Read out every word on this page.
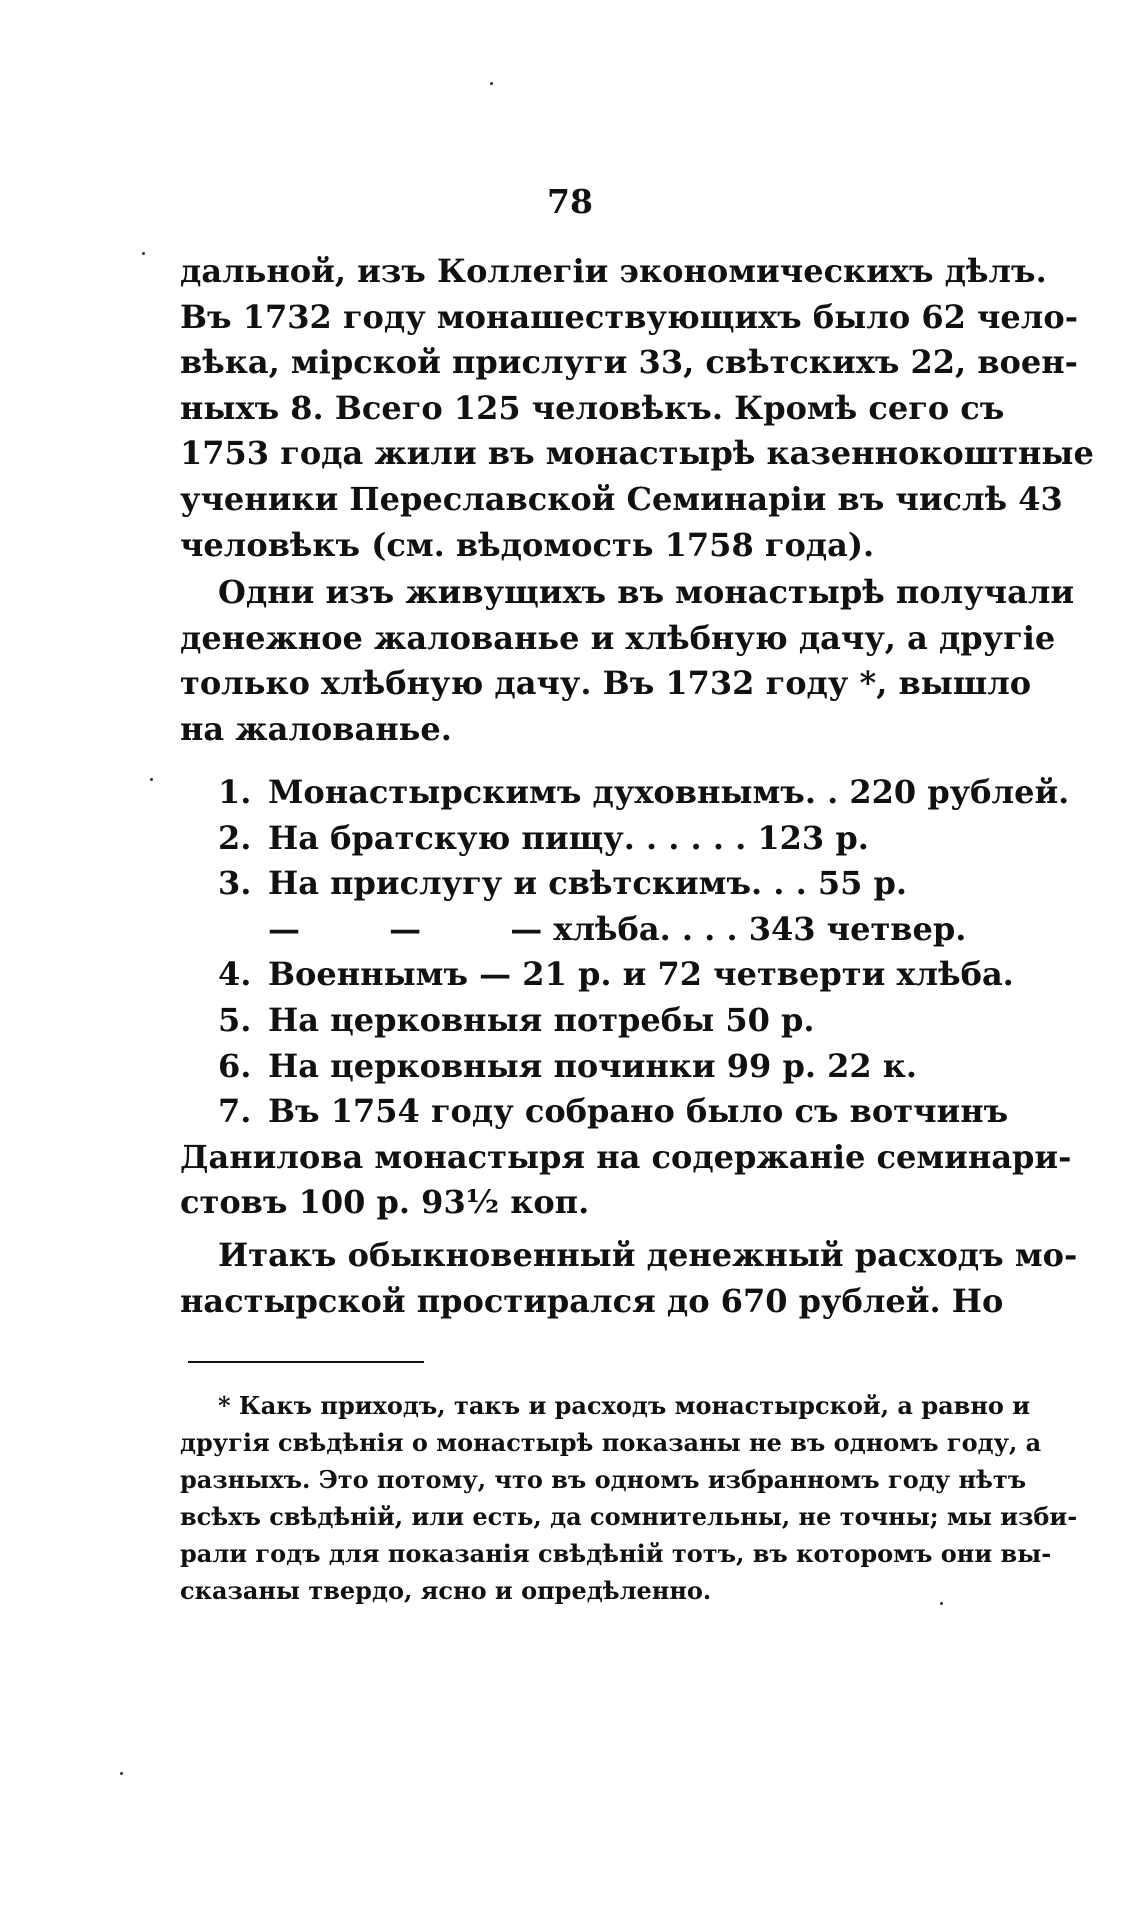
78
дальной, изъ Коллегiи экономическихъ дѣлъ.
Въ 1732 году монашествующихъ было 62 чело-
вѣка, мiрской прислуги 33, свѣтскихъ 22, воен-
ныхъ 8. Всего 125 человѣкъ. Кромѣ сего съ
1753 года жили въ монастырѣ казеннокоштные
ученики Переславской Семинарiи въ числѣ 43
человѣкъ (см. вѣдомость 1758 года).
Одни изъ живущихъ въ монастырѣ получали
денежное жалованье и хлѣбную дачу, а другiе
только хлѣбную дачу. Въ 1732 году *, вышло
на жалованье.
1. Монастырскимъ духовнымъ. . 220 рублей.
2. На братскую пищу. . . . . . 123 р.
3. На прислугу и свѣтскимъ. . . 55 р.
—        —        — хлѣба. . . . 343 четвер.
4. Военнымъ — 21 р. и 72 четверти хлѣба.
5. На церковныя потребы 50 р.
6. На церковныя починки 99 р. 22 к.
7. Въ 1754 году собрано было съ вотчинъ
Данилова монастыря на содержанiе семинари-
стовъ 100 р. 93½ коп.
Итакъ обыкновенный денежный расходъ мо-
настырской простирался до 670 рублей. Но
* Какъ приходъ, такъ и расходъ монастырской, а равно и
другiя свѣдѣнiя о монастырѣ показаны не въ одномъ году, а
разныхъ. Это потому, что въ одномъ избранномъ году нѣтъ
всѣхъ свѣдѣнiй, или есть, да сомнительны, не точны; мы изби-
рали годъ для показанiя свѣдѣнiй тотъ, въ которомъ они вы-
сказаны твердо, ясно и опредѣленно.
